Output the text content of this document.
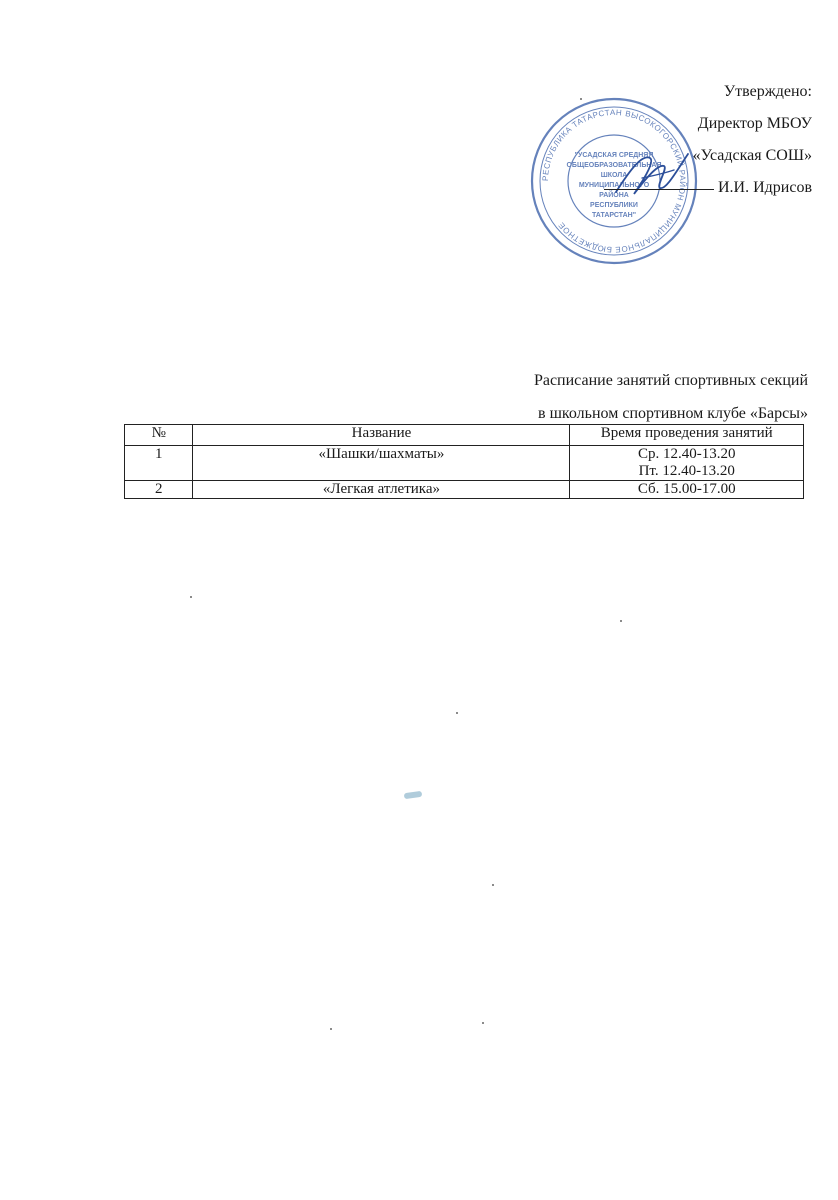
РЕСПУБЛИКА ТАТАРСТАН ВЫСОКОГОРСКИЙ РАЙОН МУНИЦИПАЛЬНОЕ БЮДЖЕТНОЕ
"УСАДСКАЯ СРЕДНЯЯ
ОБЩЕОБРАЗОВАТЕЛЬНАЯ
ШКОЛА
МУНИЦИПАЛЬНОГО
РАЙОНА
РЕСПУБЛИКИ
ТАТАРСТАН"
Утверждено:
Директор МБОУ
«Усадская СОШ»
И.И. Идрисов
Расписание занятий спортивных секций
в школьном спортивном клубе «Барсы»
№	Название	Время проведения занятий
1	«Шашки/шахматы»	Ср. 12.40-13.20
Пт. 12.40-13.20

2	«Легкая атлетика»	Сб. 15.00-17.00
